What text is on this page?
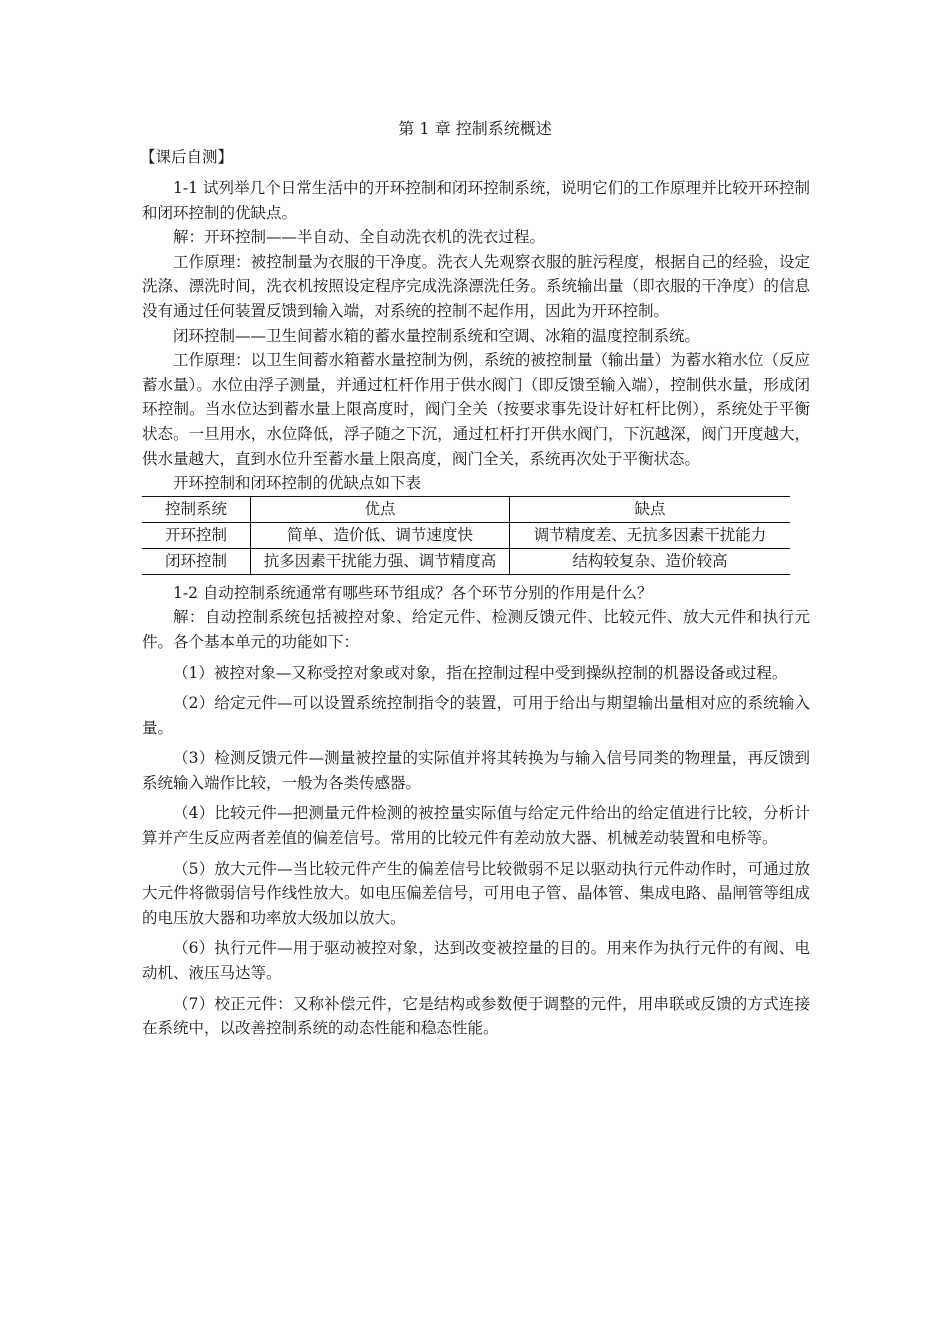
第 1 章 控制系统概述
【课后自测】

1-1 试列举几个日常生活中的开环控制和闭环控制系统，说明它们的工作原理并比较开环控制和闭环控制的优缺点。

解：开环控制——半自动、全自动洗衣机的洗衣过程。

工作原理：被控制量为衣服的干净度。洗衣人先观察衣服的脏污程度，根据自己的经验，设定洗涤、漂洗时间，洗衣机按照设定程序完成洗涤漂洗任务。系统输出量（即衣服的干净度）的信息没有通过任何装置反馈到输入端，对系统的控制不起作用，因此为开环控制。

闭环控制——卫生间蓄水箱的蓄水量控制系统和空调、冰箱的温度控制系统。

工作原理：以卫生间蓄水箱蓄水量控制为例，系统的被控制量（输出量）为蓄水箱水位（反应蓄水量）。水位由浮子测量，并通过杠杆作用于供水阀门（即反馈至输入端），控制供水量，形成闭环控制。当水位达到蓄水量上限高度时，阀门全关（按要求事先设计好杠杆比例），系统处于平衡状态。一旦用水，水位降低，浮子随之下沉，通过杠杆打开供水阀门，下沉越深，阀门开度越大，供水量越大，直到水位升至蓄水量上限高度，阀门全关，系统再次处于平衡状态。

开环控制和闭环控制的优缺点如下表

控制系统	优点	缺点
开环控制	简单、造价低、调节速度快	调节精度差、无抗多因素干扰能力
闭环控制	抗多因素干扰能力强、调节精度高	结构较复杂、造价较高

1-2 自动控制系统通常有哪些环节组成？各个环节分别的作用是什么？

解：自动控制系统包括被控对象、给定元件、检测反馈元件、比较元件、放大元件和执行元件。各个基本单元的功能如下：

（1）被控对象—又称受控对象或对象，指在控制过程中受到操纵控制的机器设备或过程。

（2）给定元件—可以设置系统控制指令的装置，可用于给出与期望输出量相对应的系统输入量。

（3）检测反馈元件—测量被控量的实际值并将其转换为与输入信号同类的物理量，再反馈到系统输入端作比较，一般为各类传感器。

（4）比较元件—把测量元件检测的被控量实际值与给定元件给出的给定值进行比较，分析计算并产生反应两者差值的偏差信号。常用的比较元件有差动放大器、机械差动装置和电桥等。

（5）放大元件—当比较元件产生的偏差信号比较微弱不足以驱动执行元件动作时，可通过放大元件将微弱信号作线性放大。如电压偏差信号，可用电子管、晶体管、集成电路、晶闸管等组成的电压放大器和功率放大级加以放大。

（6）执行元件—用于驱动被控对象，达到改变被控量的目的。用来作为执行元件的有阀、电动机、液压马达等。

（7）校正元件：又称补偿元件，它是结构或参数便于调整的元件，用串联或反馈的方式连接在系统中，以改善控制系统的动态性能和稳态性能。
